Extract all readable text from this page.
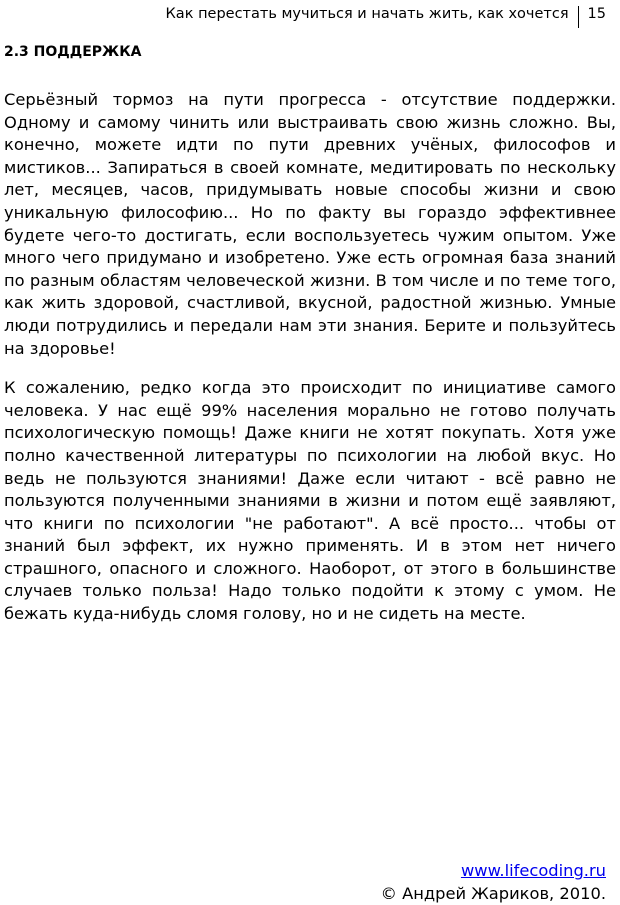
Как перестать мучиться и начать жить, как хочется	15
2.3 ПОДДЕРЖКА

Серьёзный тормоз на пути прогресса - отсутствие поддержки. Одному и самому чинить или выстраивать свою жизнь сложно. Вы, конечно, можете идти по пути древних учёных, философов и мистиков... Запираться в своей комнате, медитировать по нескольку лет, месяцев, часов, придумывать новые способы жизни и свою уникальную философию... Но по факту вы гораздо эффективнее будете чего-то достигать, если воспользуетесь чужим опытом. Уже много чего придумано и изобретено. Уже есть огромная база знаний по разным областям человеческой жизни. В том числе и по теме того, как жить здоровой, счастливой, вкусной, радостной жизнью. Умные люди потрудились и передали нам эти знания. Берите и пользуйтесь на здоровье!

К сожалению, редко когда это происходит по инициативе самого человека. У нас ещё 99% населения морально не готово получать психологическую помощь! Даже книги не хотят покупать. Хотя уже полно качественной литературы по психологии на любой вкус. Но ведь не пользуются знаниями! Даже если читают - всё равно не пользуются полученными знаниями в жизни и потом ещё заявляют, что книги по психологии "не работают". А всё просто... чтобы от знаний был эффект, их нужно применять. И в этом нет ничего страшного, опасного и сложного. Наоборот, от этого в большинстве случаев только польза! Надо только подойти к этому с умом. Не бежать куда-нибудь сломя голову, но и не сидеть на месте.

www.lifecoding.ru
© Андрей Жариков, 2010.
